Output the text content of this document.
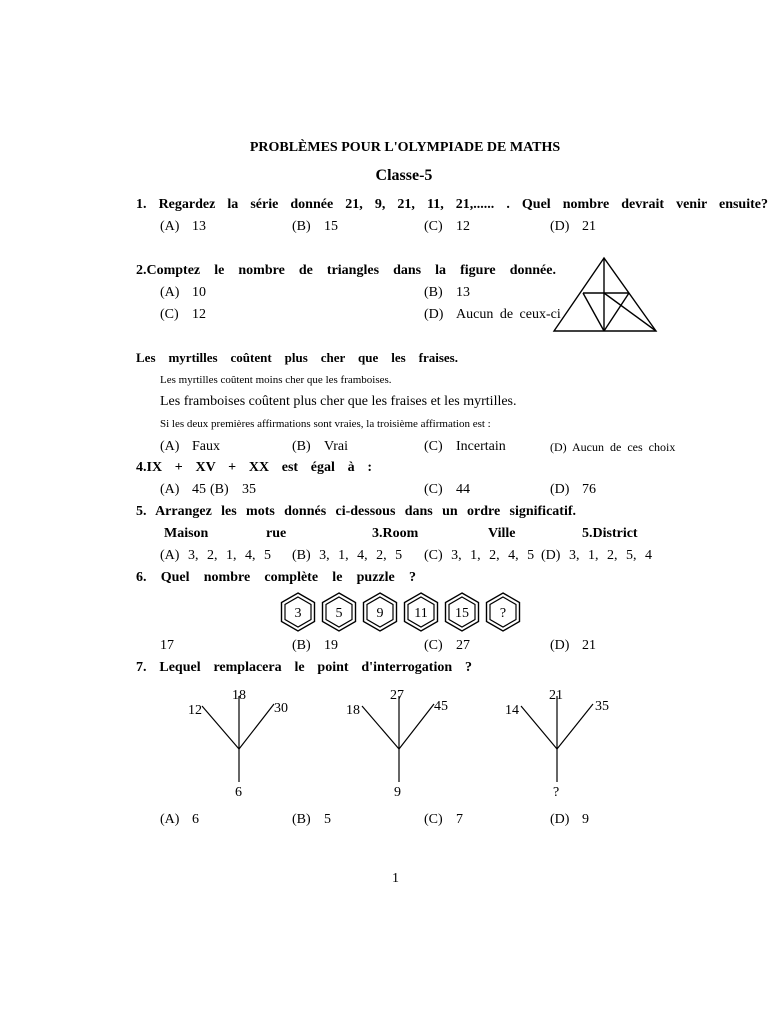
PROBLÈMES POUR L'OLYMPIADE DE MATHS
Classe-5
1. Regardez la série donnée 21, 9, 21, 11, 21,...... . Quel nombre devrait venir ensuite?
(A) 13	(B) 15	(C) 12	(D) 21
2.Comptez le nombre de triangles dans la figure donnée.
(A) 10	(B) 13
(C) 12	(D) Aucun de ceux-ci
Les myrtilles coûtent plus cher que les fraises.
Les myrtilles coûtent moins cher que les framboises.
Les framboises coûtent plus cher que les fraises et les myrtilles.
Si les deux premières affirmations sont vraies, la troisième affirmation est :
(A) Faux	(B) Vrai	(C) Incertain	(D) Aucun de ces choix
4.IX + XV + XX est égal à :
(A) 45 (B) 35	(C) 44	(D) 76
5. Arrangez les mots donnés ci-dessous dans un ordre significatif.
Maison	rue	3.Room	Ville	5.District
(A) 3, 2, 1, 4, 5 (B) 3, 1, 4, 2, 5 (C) 3, 1, 2, 4, 5 (D) 3, 1, 2, 5, 4
6. Quel nombre complète le puzzle ?
3 5 9 11 15 ?
17	(B) 19	(C) 27	(D) 21
7. Lequel remplacera le point d'interrogation ?
12
18
30
6
18
27
45
9
14
21
35
?
(A) 6	(B) 5	(C) 7	(D) 9
1
